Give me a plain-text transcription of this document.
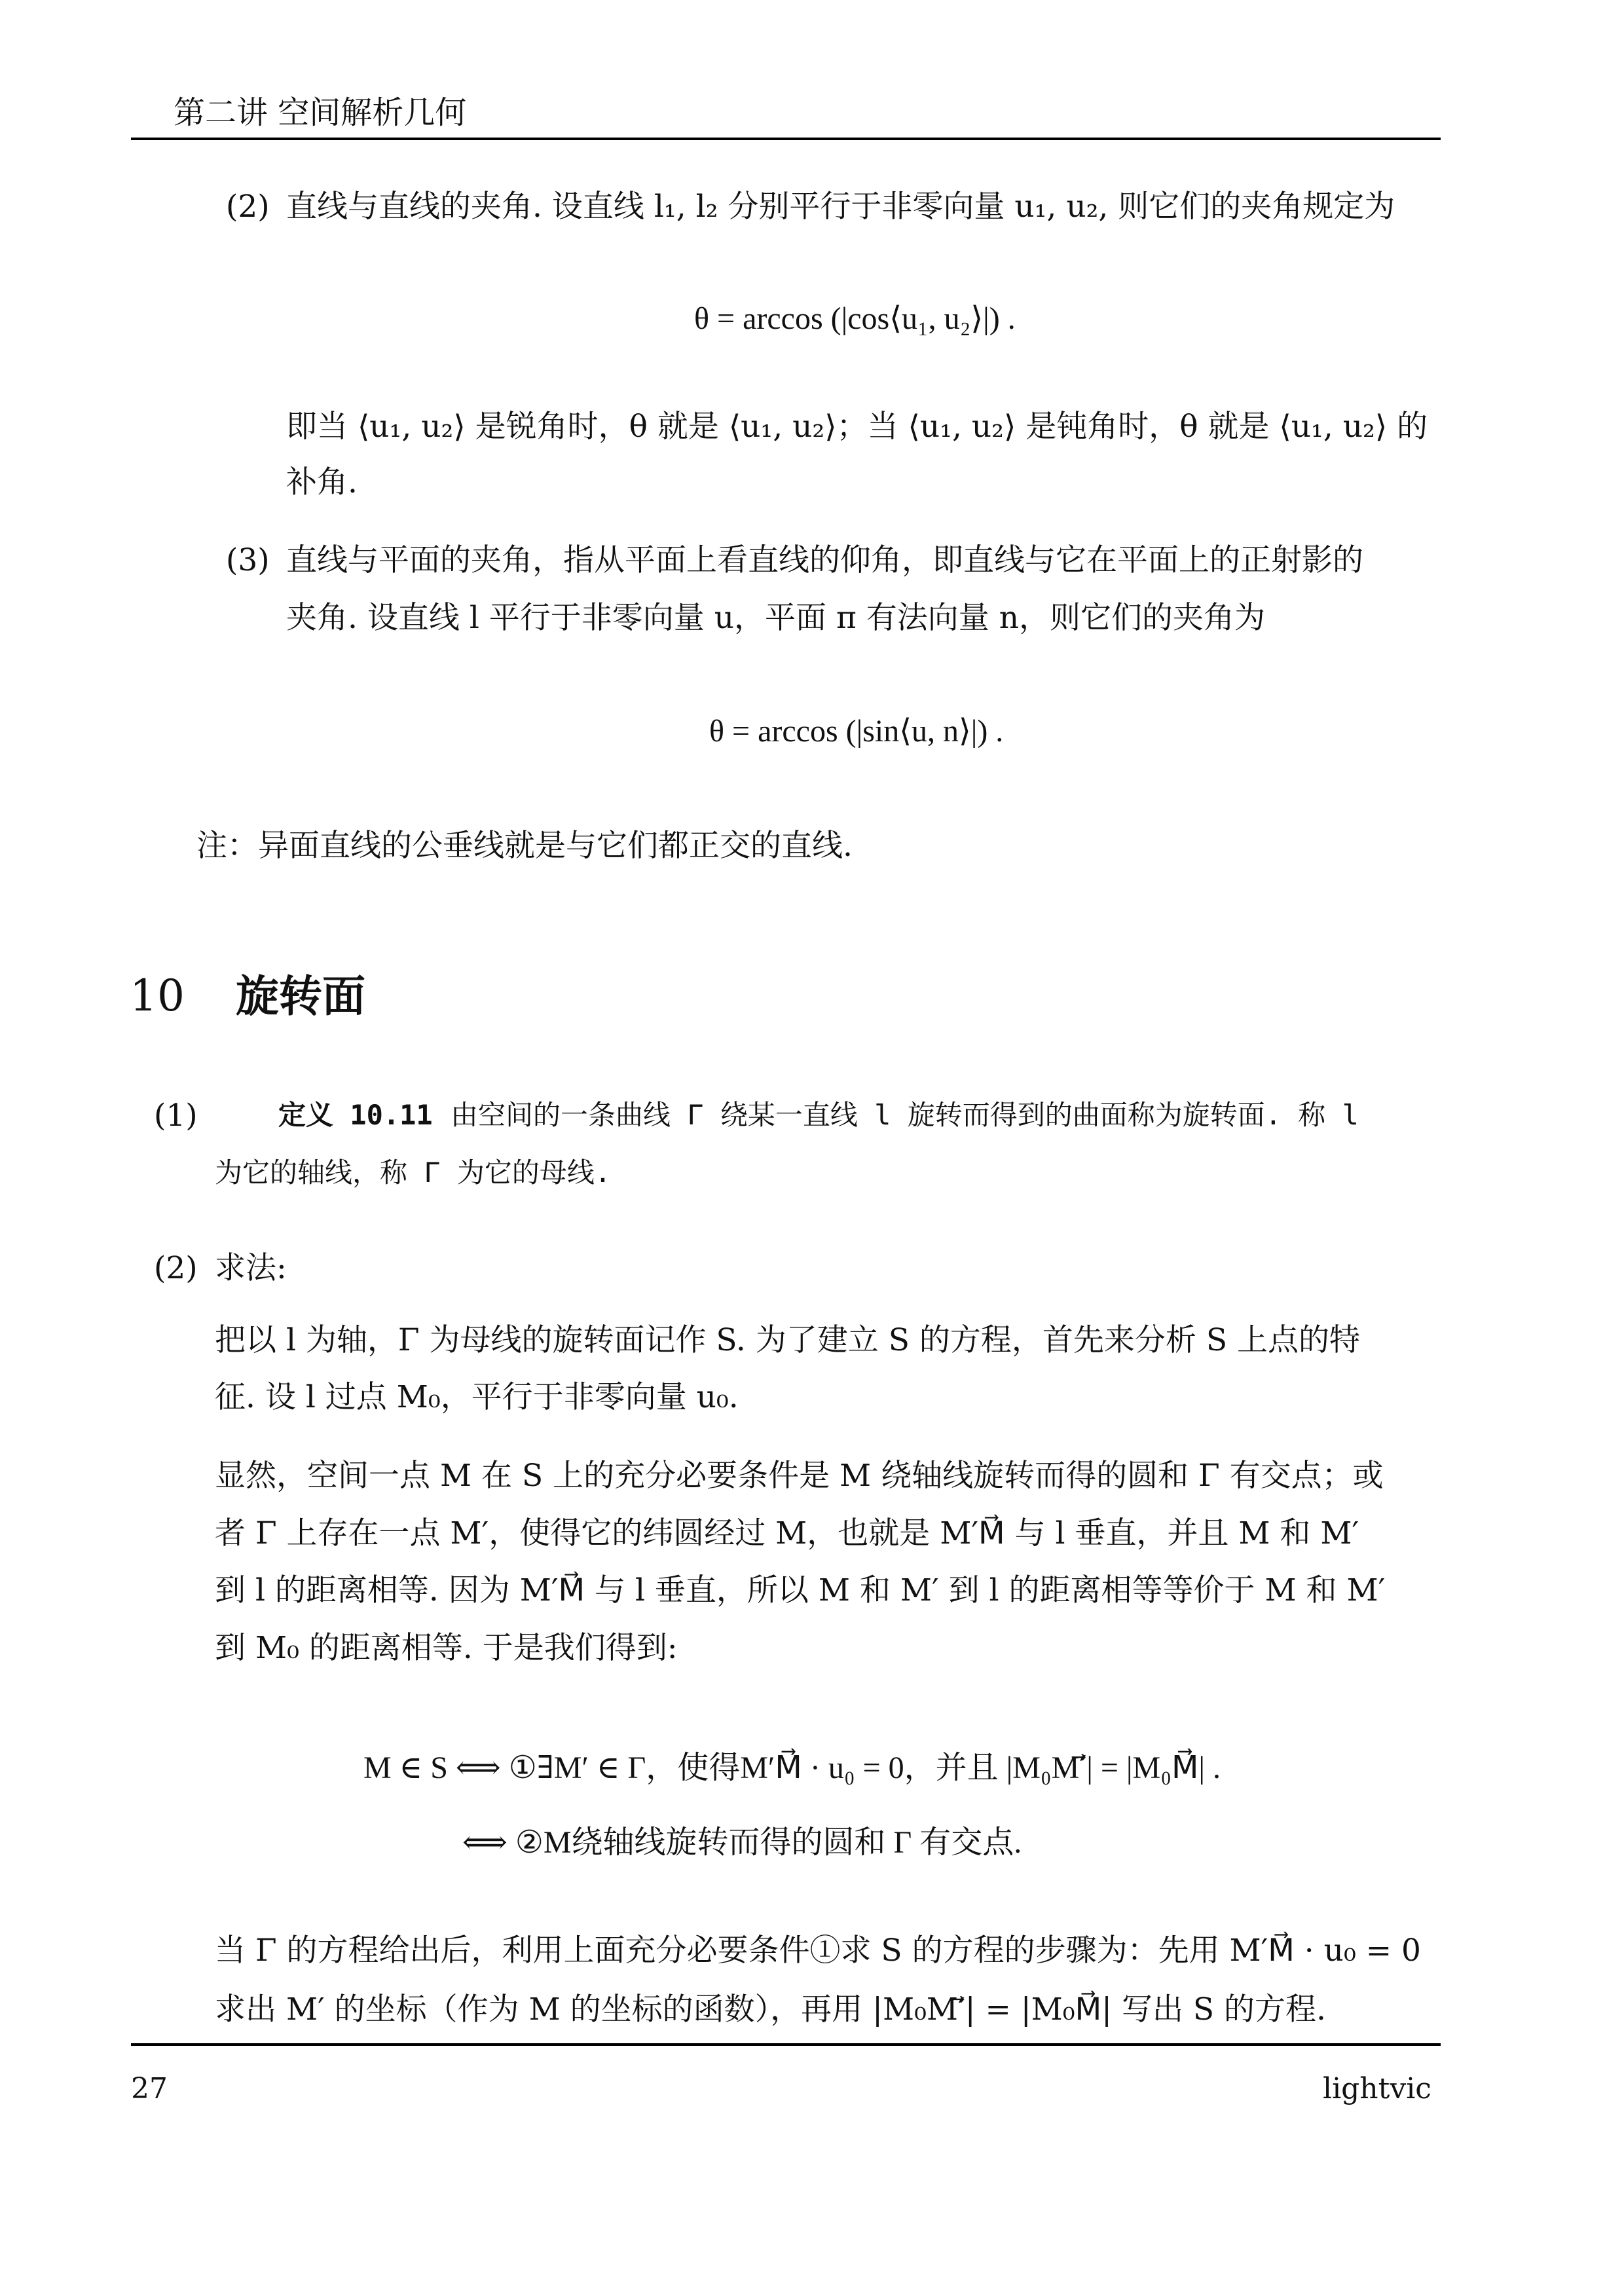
第二讲 空间解析几何
(2) 直线与直线的夹角. 设直线 l₁, l₂ 分别平行于非零向量 u₁, u₂, 则它们的夹角规定为
θ = arccos (|cos⟨u₁, u₂⟩|) .
即当 ⟨u₁, u₂⟩ 是锐角时，θ 就是 ⟨u₁, u₂⟩；当 ⟨u₁, u₂⟩ 是钝角时，θ 就是 ⟨u₁, u₂⟩ 的
补角.
(3) 直线与平面的夹角，指从平面上看直线的仰角，即直线与它在平面上的正射影的
夹角. 设直线 l 平行于非零向量 u，平面 π 有法向量 n，则它们的夹角为
θ = arccos (|sin⟨u, n⟩|) .
注：异面直线的公垂线就是与它们都正交的直线.
10 旋转面
(1)	定义 10.11 由空间的一条曲线 Γ 绕某一直线 l 旋转而得到的曲面称为旋转面. 称 l
为它的轴线，称 Γ 为它的母线.
(2) 求法:
把以 l 为轴，Γ 为母线的旋转面记作 S. 为了建立 S 的方程，首先来分析 S 上点的特
征. 设 l 过点 M₀，平行于非零向量 u₀.
显然，空间一点 M 在 S 上的充分必要条件是 M 绕轴线旋转而得的圆和 Γ 有交点；或
者 Γ 上存在一点 M′，使得它的纬圆经过 M，也就是 M′M⃗ 与 l 垂直，并且 M 和 M′
到 l 的距离相等. 因为 M′M⃗ 与 l 垂直，所以 M 和 M′ 到 l 的距离相等等价于 M 和 M′
到 M₀ 的距离相等. 于是我们得到:
M ∈ S ⟺ ①∃M′ ∈ Γ，使得M′M⃗ · u₀ = 0，并且 |M₀M′⃗| = |M₀M⃗| .
⟺ ②M绕轴线旋转而得的圆和 Γ 有交点.
当 Γ 的方程给出后，利用上面充分必要条件①求 S 的方程的步骤为：先用 M′M⃗ · u₀ = 0
求出 M′ 的坐标（作为 M 的坐标的函数），再用 |M₀M′⃗| = |M₀M⃗| 写出 S 的方程.
27	lightvic
